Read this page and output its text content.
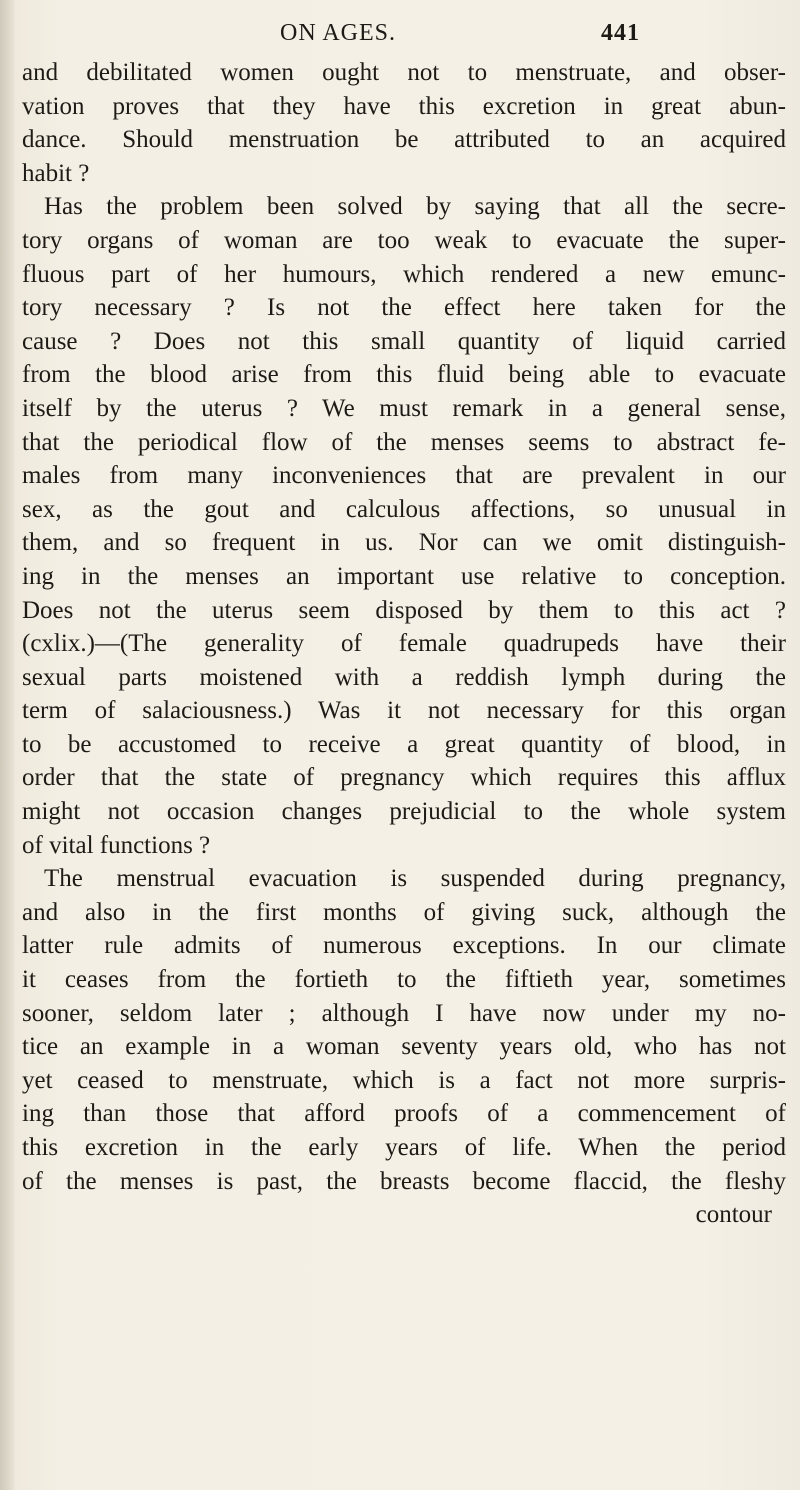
ON AGES.	441
and debilitated women ought not to menstruate, and obser-
vation proves that they have this excretion in great abun-
dance. Should menstruation be attributed to an acquired
habit ?
Has the problem been solved by saying that all the secre-
tory organs of woman are too weak to evacuate the super-
fluous part of her humours, which rendered a new emunc-
tory necessary ? Is not the effect here taken for the
cause ? Does not this small quantity of liquid carried
from the blood arise from this fluid being able to evacuate
itself by the uterus ? We must remark in a general sense,
that the periodical flow of the menses seems to abstract fe-
males from many inconveniences that are prevalent in our
sex, as the gout and calculous affections, so unusual in
them, and so frequent in us. Nor can we omit distinguish-
ing in the menses an important use relative to conception.
Does not the uterus seem disposed by them to this act ?
(cxlix.)—(The generality of female quadrupeds have their
sexual parts moistened with a reddish lymph during the
term of salaciousness.) Was it not necessary for this organ
to be accustomed to receive a great quantity of blood, in
order that the state of pregnancy which requires this afflux
might not occasion changes prejudicial to the whole system
of vital functions ?
The menstrual evacuation is suspended during pregnancy,
and also in the first months of giving suck, although the
latter rule admits of numerous exceptions. In our climate
it ceases from the fortieth to the fiftieth year, sometimes
sooner, seldom later ; although I have now under my no-
tice an example in a woman seventy years old, who has not
yet ceased to menstruate, which is a fact not more surpris-
ing than those that afford proofs of a commencement of
this excretion in the early years of life. When the period
of the menses is past, the breasts become flaccid, the fleshy
contour
